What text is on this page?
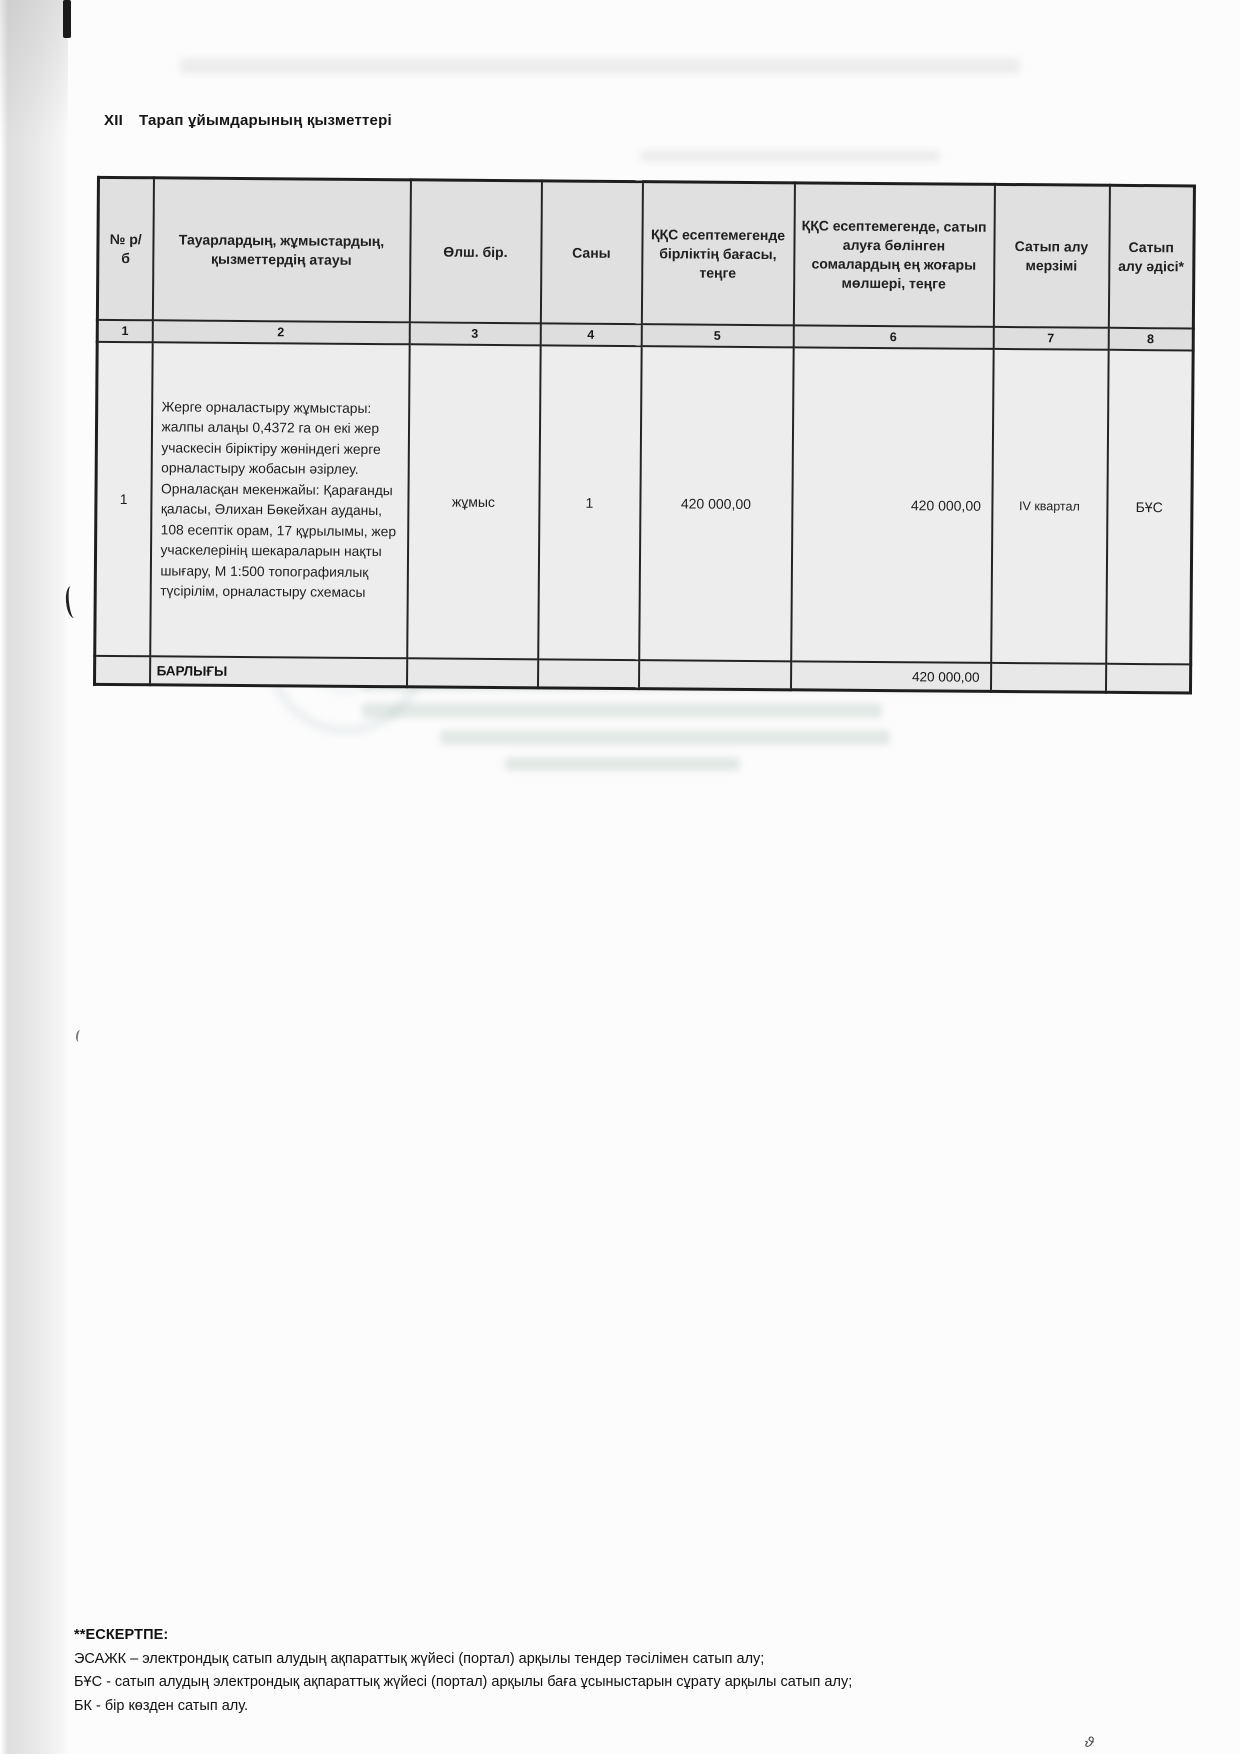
ϑ
XII Тарап ұйымдарының қызметтері
№ р/б	Тауарлардың, жұмыстардың, қызметтердің атауы	Өлш. бір.	Саны	ҚҚС есептемегенде бірліктің бағасы, теңге	ҚҚС есептемегенде, сатып алуға бөлінген сомалардың ең жоғары мөлшері, теңге	Сатып алу мерзімі	Сатып алу әдісі*
1	2	3	4	5	6	7	8
1	Жерге орналастыру жұмыстары: жалпы алаңы 0,4372 га он екі жер учаскесін біріктіру жөніндегі жерге орналастыру жобасын әзірлеу. Орналасқан мекенжайы: Қарағанды қаласы, Әлихан Бөкейхан ауданы, 108 есептік орам, 17 құрылымы, жер учаскелерінің шекараларын нақты шығару, М 1:500 топографиялық түсірілім, орналастыру схемасы	жұмыс	1	420 000,00	420 000,00	IV квартал	БҰС
	БАРЛЫҒЫ				420 000,00		
**ЕСКЕРТПЕ:
ЭСАЖК – электрондық сатып алудың ақпараттық жүйесі (портал) арқылы тендер тәсілімен сатып алу;
БҰС - сатып алудың электрондық ақпараттық жүйесі (портал) арқылы баға ұсыныстарын сұрату арқылы сатып алу;
БК - бір көзден сатып алу.
